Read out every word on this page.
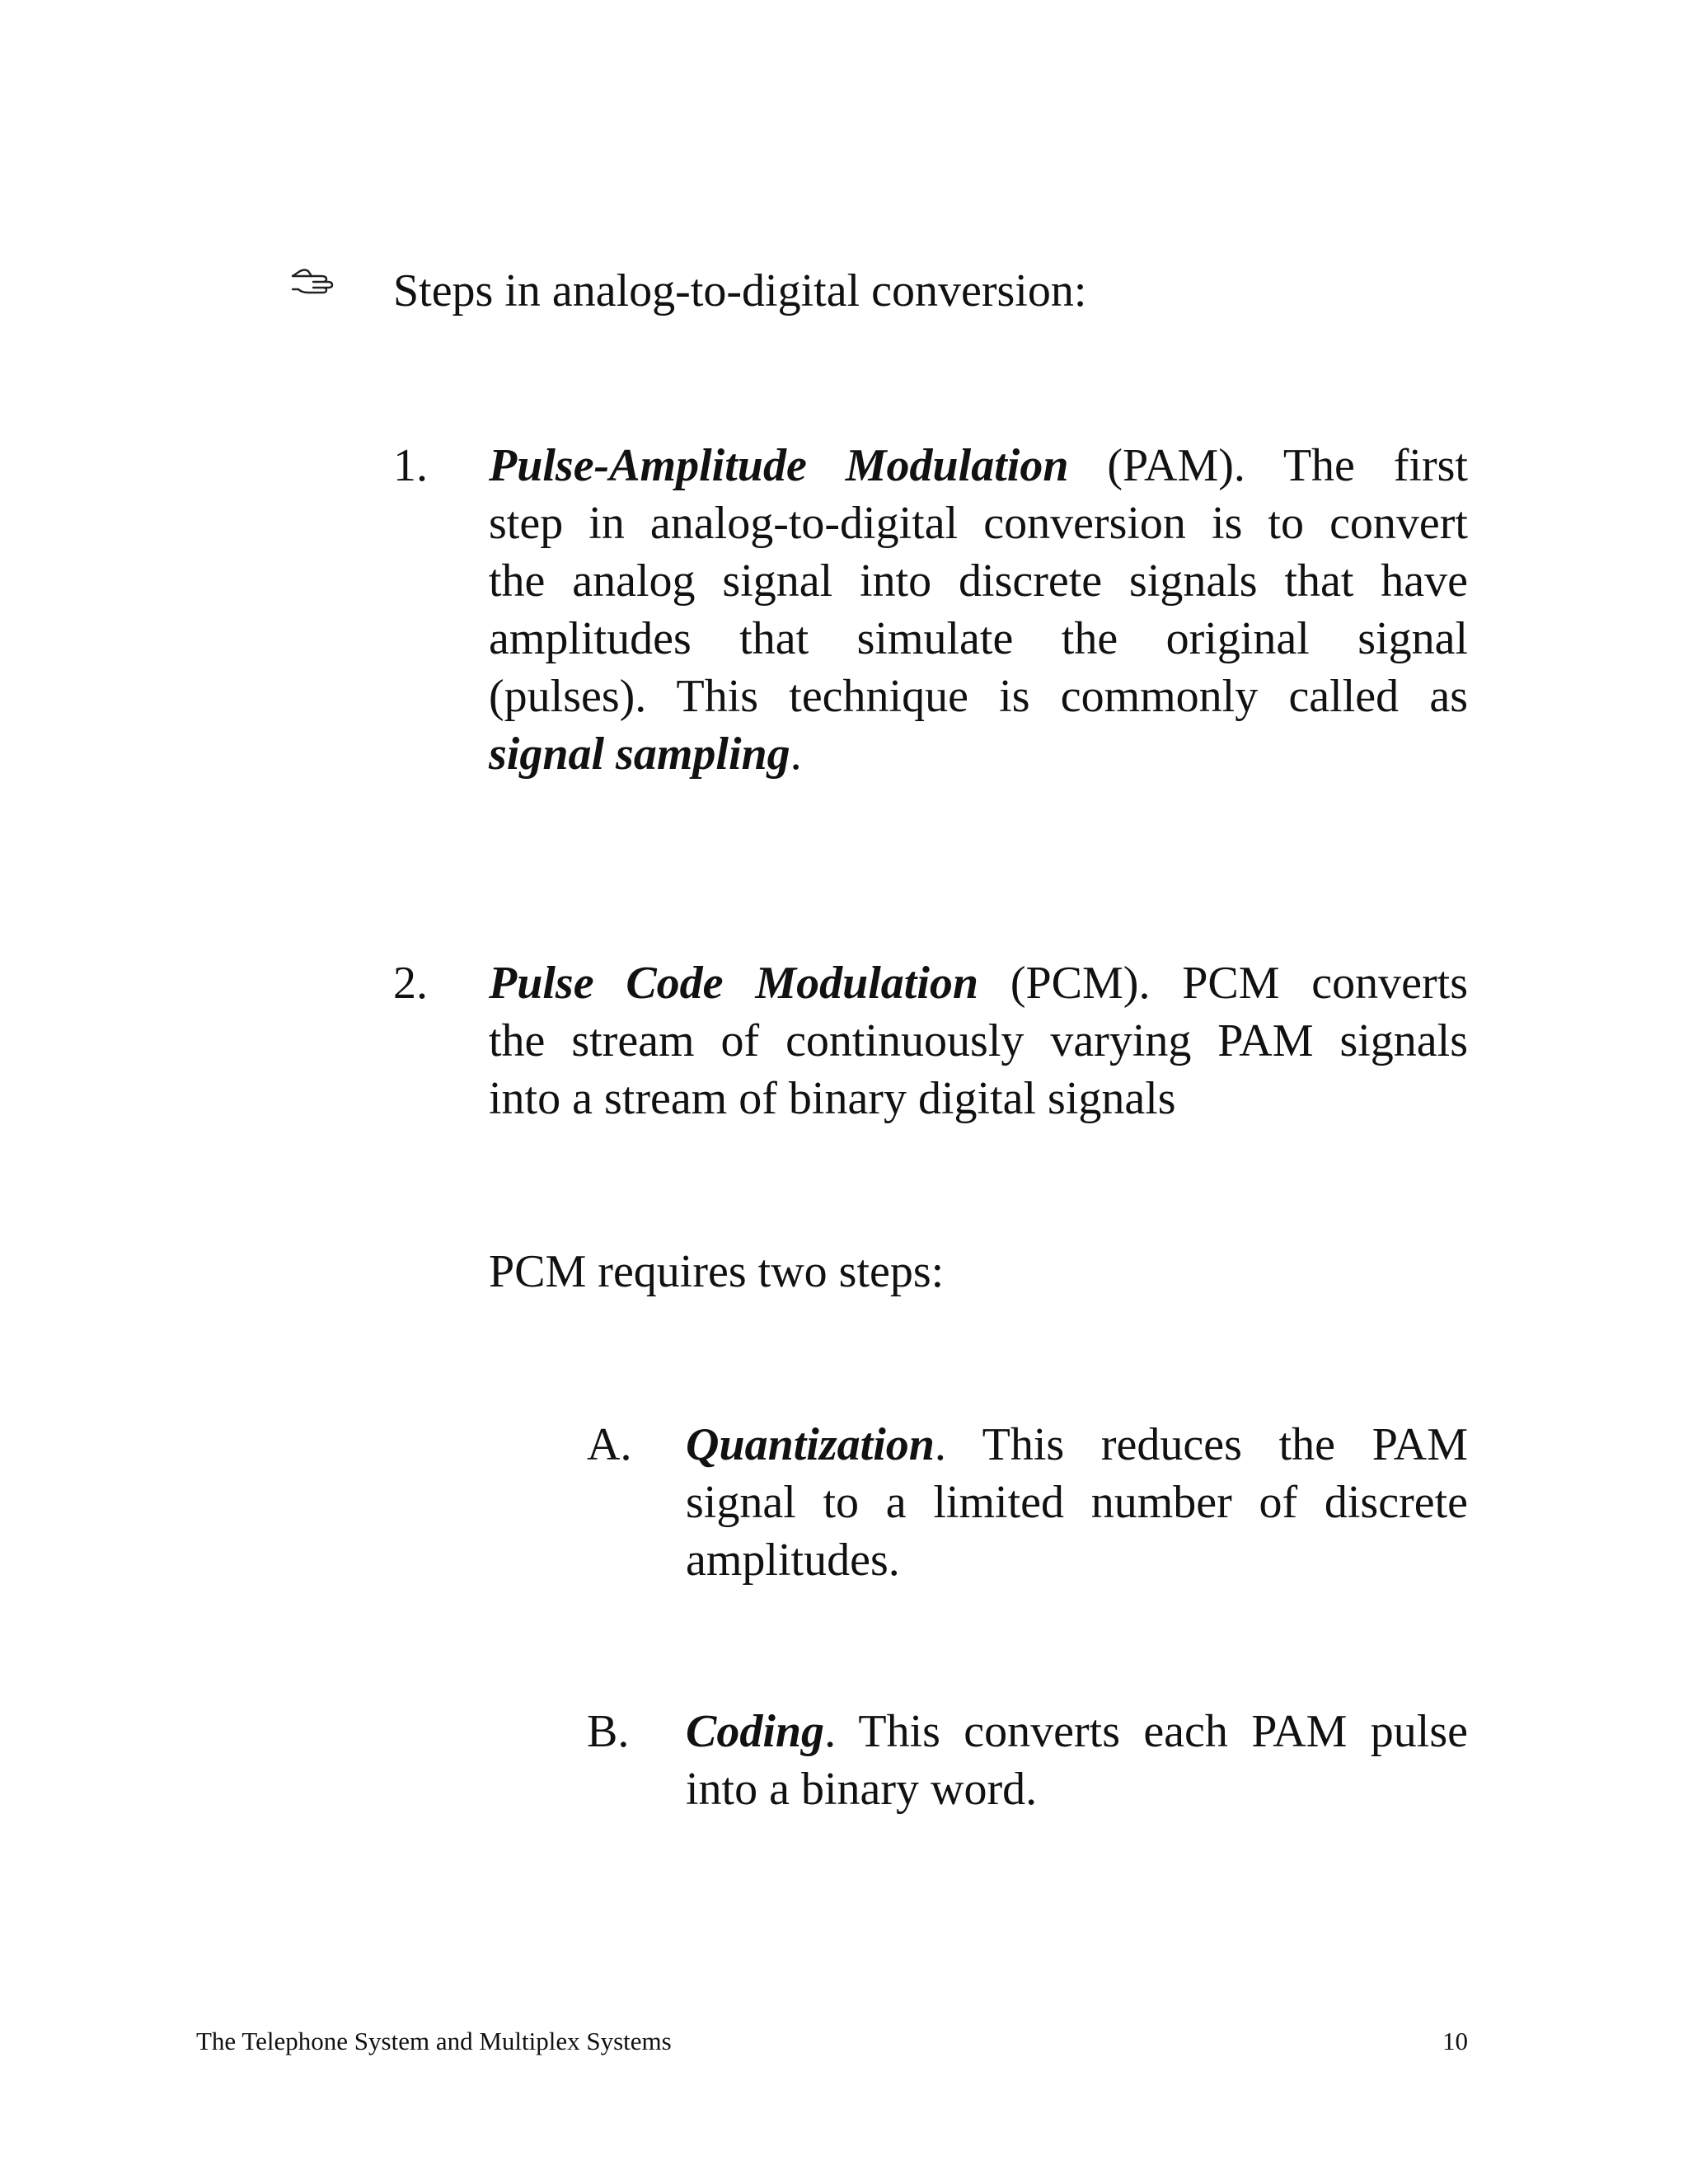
Steps in analog-to-digital conversion:
1. Pulse-Amplitude Modulation (PAM). The first
step in analog-to-digital conversion is to convert
the analog signal into discrete signals that have
amplitudes that simulate the original signal
(pulses). This technique is commonly called as
signal sampling.
2. Pulse Code Modulation (PCM). PCM converts
the stream of continuously varying PAM signals
into a stream of binary digital signals
PCM requires two steps:
A. Quantization. This reduces the PAM
signal to a limited number of discrete
amplitudes.
B. Coding. This converts each PAM pulse
into a binary word.
The Telephone System and Multiplex Systems	10
